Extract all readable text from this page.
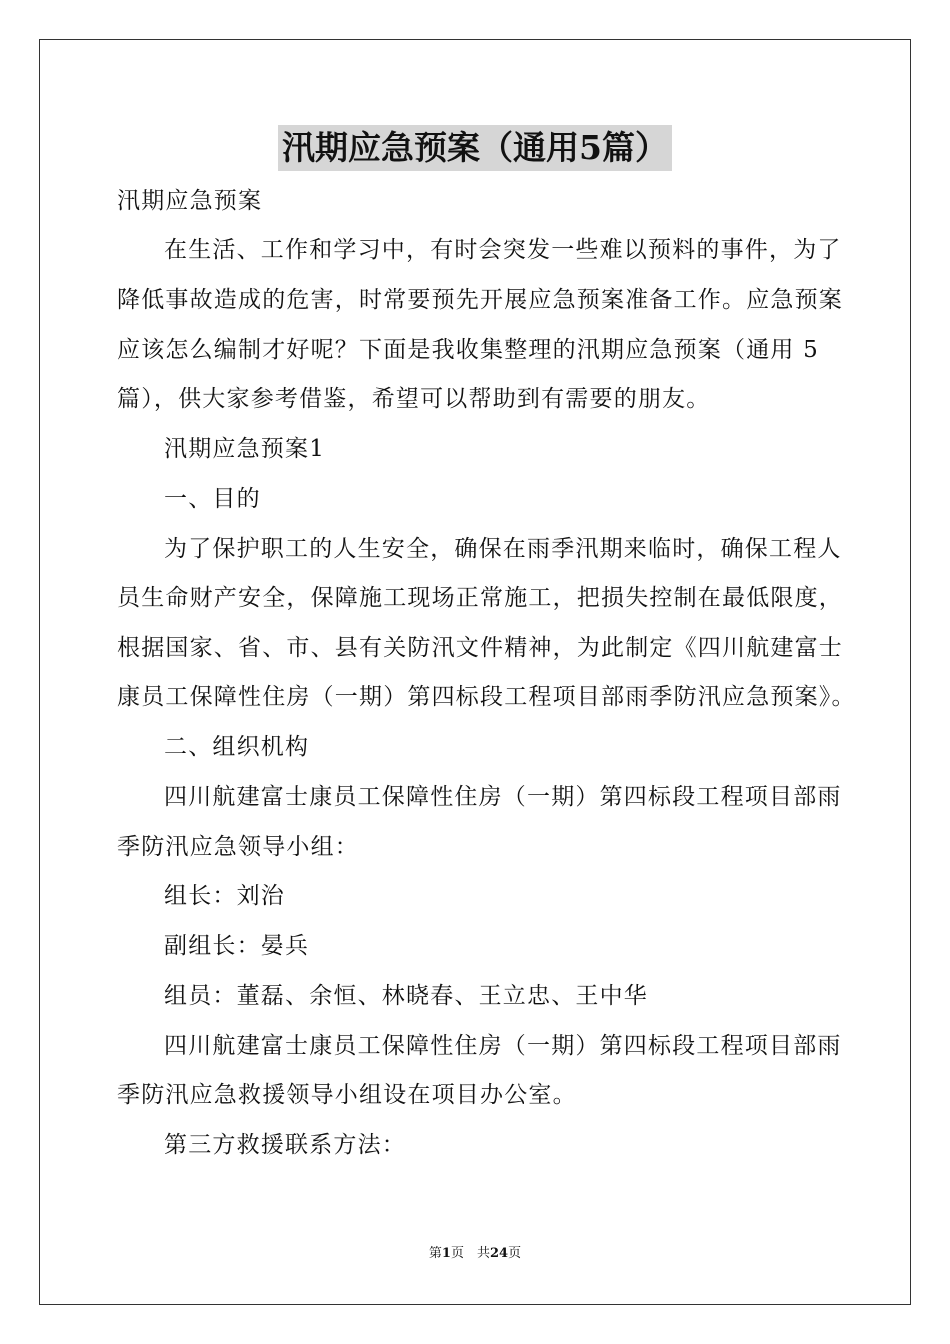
汛期应急预案（通用5篇）
汛期应急预案
在生活、工作和学习中，有时会突发一些难以预料的事件，为了
降低事故造成的危害，时常要预先开展应急预案准备工作。应急预案
应该怎么编制才好呢？下面是我收集整理的汛期应急预案（通用 5
篇），供大家参考借鉴，希望可以帮助到有需要的朋友。
汛期应急预案1
一、目的
为了保护职工的人生安全，确保在雨季汛期来临时，确保工程人
员生命财产安全，保障施工现场正常施工，把损失控制在最低限度，
根据国家、省、市、县有关防汛文件精神，为此制定《四川航建富士
康员工保障性住房（一期）第四标段工程项目部雨季防汛应急预案》。
二、组织机构
四川航建富士康员工保障性住房（一期）第四标段工程项目部雨
季防汛应急领导小组：
组长：刘治
副组长：晏兵
组员：董磊、余恒、林晓春、王立忠、王中华
四川航建富士康员工保障性住房（一期）第四标段工程项目部雨
季防汛应急救援领导小组设在项目办公室。
第三方救援联系方法：
第1页　共24页
